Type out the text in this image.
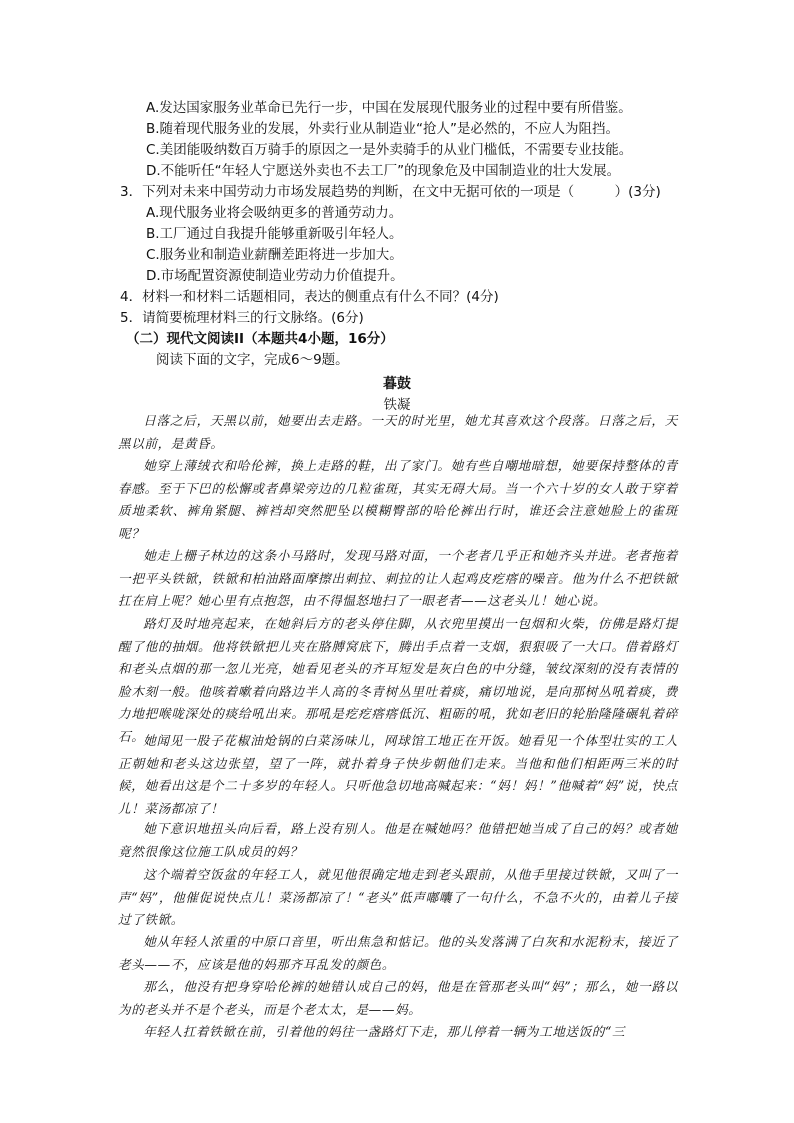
A.发达国家服务业革命已先行一步，中国在发展现代服务业的过程中要有所借鉴。
B.随着现代服务业的发展，外卖行业从制造业“抢人”是必然的，不应人为阻挡。
C.美团能吸纳数百万骑手的原因之一是外卖骑手的从业门槛低，不需要专业技能。
D.不能听任“年轻人宁愿送外卖也不去工厂”的现象危及中国制造业的壮大发展。
3．下列对未来中国劳动力市场发展趋势的判断，在文中无据可依的一项是（　　　）(3分)
A.现代服务业将会吸纳更多的普通劳动力。
B.工厂通过自我提升能够重新吸引年轻人。
C.服务业和制造业薪酬差距将进一步加大。
D.市场配置资源使制造业劳动力价值提升。
4．材料一和材料二话题相同，表达的侧重点有什么不同？(4分)
5．请简要梳理材料三的行文脉络。(6分)
（二）现代文阅读II（本题共4小题，16分）
阅读下面的文字，完成6～9题。
暮鼓
铁凝
日落之后，天黑以前，她要出去走路。一天的时光里，她尤其喜欢这个段落。日落之后，天黑以前，是黄昏。
她穿上薄绒衣和哈伦裤，换上走路的鞋，出了家门。她有些自嘲地暗想，她要保持整体的青春感。至于下巴的松懈或者鼻梁旁边的几粒雀斑，其实无碍大局。当一个六十岁的女人敢于穿着质地柔软、裤角紧腿、裤裆却突然肥坠以模糊臀部的哈伦裤出行时，谁还会注意她脸上的雀斑呢？
她走上栅子林边的这条小马路时，发现马路对面，一个老者几乎正和她齐头并进。老者拖着一把平头铁锨，铁锨和柏油路面摩擦出刺拉、刺拉的让人起鸡皮疙瘩的噪音。他为什么不把铁锨扛在肩上呢？她心里有点抱怨，由不得愠怒地扫了一眼老者——这老头儿！她心说。
路灯及时地亮起来，在她斜后方的老头停住脚，从衣兜里摸出一包烟和火柴，仿佛是路灯提醒了他的抽烟。他将铁锨把儿夹在胳膊窝底下，腾出手点着一支烟，狠狠吸了一大口。借着路灯和老头点烟的那一忽儿光亮，她看见老头的齐耳短发是灰白色的中分缝，皱纹深刻的没有表情的脸木刻一般。他咳着嗽着向路边半人高的冬青树丛里吐着痰，痛切地说，是向那树丛吼着痰，费力地把喉咙深处的痰给吼出来。那吼是疙疙瘩瘩低沉、粗砺的吼，犹如老旧的轮胎隆隆碾轧着碎石。
她闻见一股子花椒油炝锅的白菜汤味儿，网球馆工地正在开饭。她看见一个体型壮实的工人正朝她和老头这边张望，望了一阵，就扑着身子快步朝他们走来。当他和他们相距两三米的时候，她看出这是个二十多岁的年轻人。只听他急切地高喊起来：“妈！妈！”他喊着“妈”说，快点儿！菜汤都凉了！
她下意识地扭头向后看，路上没有别人。他是在喊她吗？他错把她当成了自己的妈？或者她竟然很像这位施工队成员的妈？
这个端着空饭盆的年轻工人，就见他很确定地走到老头跟前，从他手里接过铁锨，又叫了一声“妈”，他催促说快点儿！菜汤都凉了！“老头”低声嘟囔了一句什么，不急不火的，由着儿子接过了铁锨。
她从年轻人浓重的中原口音里，听出焦急和惦记。他的头发落满了白灰和水泥粉末，接近了老头——不，应该是他的妈那齐耳乱发的颜色。
那么，他没有把身穿哈伦裤的她错认成自己的妈，他是在管那老头叫“妈”；那么，她一路以为的老头并不是个老头，而是个老太太，是——妈。
年轻人扛着铁锨在前，引着他的妈往一盏路灯下走，那儿停着一辆为工地送饭的“三
